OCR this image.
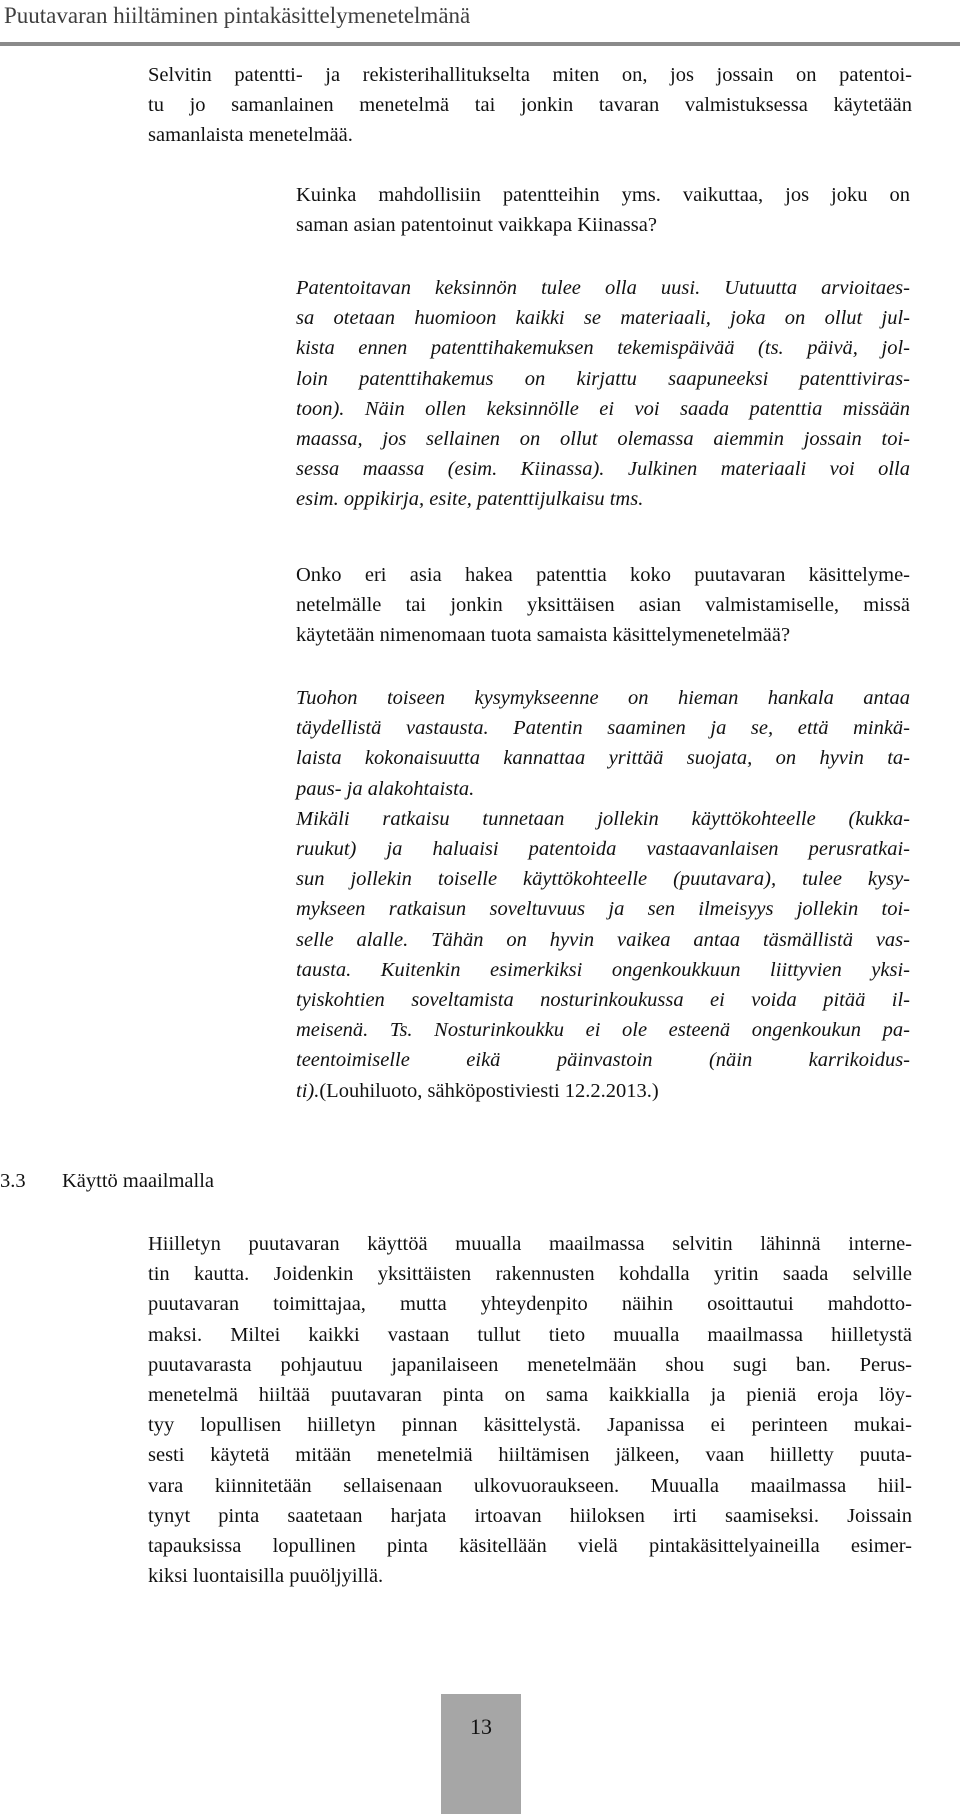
Puutavaran hiiltäminen pintakäsittelymenetelmänä
Selvitin patentti- ja rekisterihallitukselta miten on, jos jossain on patentoi-
tu jo samanlainen menetelmä tai jonkin tavaran valmistuksessa käytetään
samanlaista menetelmää.
Kuinka mahdollisiin patentteihin yms. vaikuttaa, jos joku on
saman asian patentoinut vaikkapa Kiinassa?
Patentoitavan keksinnön tulee olla uusi. Uutuutta arvioitaes-
sa otetaan huomioon kaikki se materiaali, joka on ollut jul-
kista ennen patenttihakemuksen tekemispäivää (ts. päivä, jol-
loin patenttihakemus on kirjattu saapuneeksi patenttiviras-
toon). Näin ollen keksinnölle ei voi saada patenttia missään
maassa, jos sellainen on ollut olemassa aiemmin jossain toi-
sessa maassa (esim. Kiinassa). Julkinen materiaali voi olla
esim. oppikirja, esite, patenttijulkaisu tms.
Onko eri asia hakea patenttia koko puutavaran käsittelyme-
netelmälle tai jonkin yksittäisen asian valmistamiselle, missä
käytetään nimenomaan tuota samaista käsittelymenetelmää?
Tuohon toiseen kysymykseenne on hieman hankala antaa
täydellistä vastausta. Patentin saaminen ja se, että minkä-
laista kokonaisuutta kannattaa yrittää suojata, on hyvin ta-
paus- ja alakohtaista.
Mikäli ratkaisu tunnetaan jollekin käyttökohteelle (kukka-
ruukut) ja haluaisi patentoida vastaavanlaisen perusratkai-
sun jollekin toiselle käyttökohteelle (puutavara), tulee kysy-
mykseen ratkaisun soveltuvuus ja sen ilmeisyys jollekin toi-
selle alalle. Tähän on hyvin vaikea antaa täsmällistä vas-
tausta. Kuitenkin esimerkiksi ongenkoukkuun liittyvien yksi-
tyiskohtien soveltamista nosturinkoukussa ei voida pitää il-
meisenä. Ts. Nosturinkoukku ei ole esteenä ongenkoukun pa-
teentoimiselle eikä päinvastoin (näin karrikoidus-
ti).(Louhiluoto, sähköpostiviesti 12.2.2013.)
3.3 Käyttö maailmalla
Hiilletyn puutavaran käyttöä muualla maailmassa selvitin lähinnä interne-
tin kautta. Joidenkin yksittäisten rakennusten kohdalla yritin saada selville
puutavaran toimittajaa, mutta yhteydenpito näihin osoittautui mahdotto-
maksi. Miltei kaikki vastaan tullut tieto muualla maailmassa hiilletystä
puutavarasta pohjautuu japanilaiseen menetelmään shou sugi ban. Perus-
menetelmä hiiltää puutavaran pinta on sama kaikkialla ja pieniä eroja löy-
tyy lopullisen hiilletyn pinnan käsittelystä. Japanissa ei perinteen mukai-
sesti käytetä mitään menetelmiä hiiltämisen jälkeen, vaan hiilletty puuta-
vara kiinnitetään sellaisenaan ulkovuoraukseen. Muualla maailmassa hiil-
tynyt pinta saatetaan harjata irtoavan hiiloksen irti saamiseksi. Joissain
tapauksissa lopullinen pinta käsitellään vielä pintakäsittelyaineilla esimer-
kiksi luontaisilla puuöljyillä.
13
